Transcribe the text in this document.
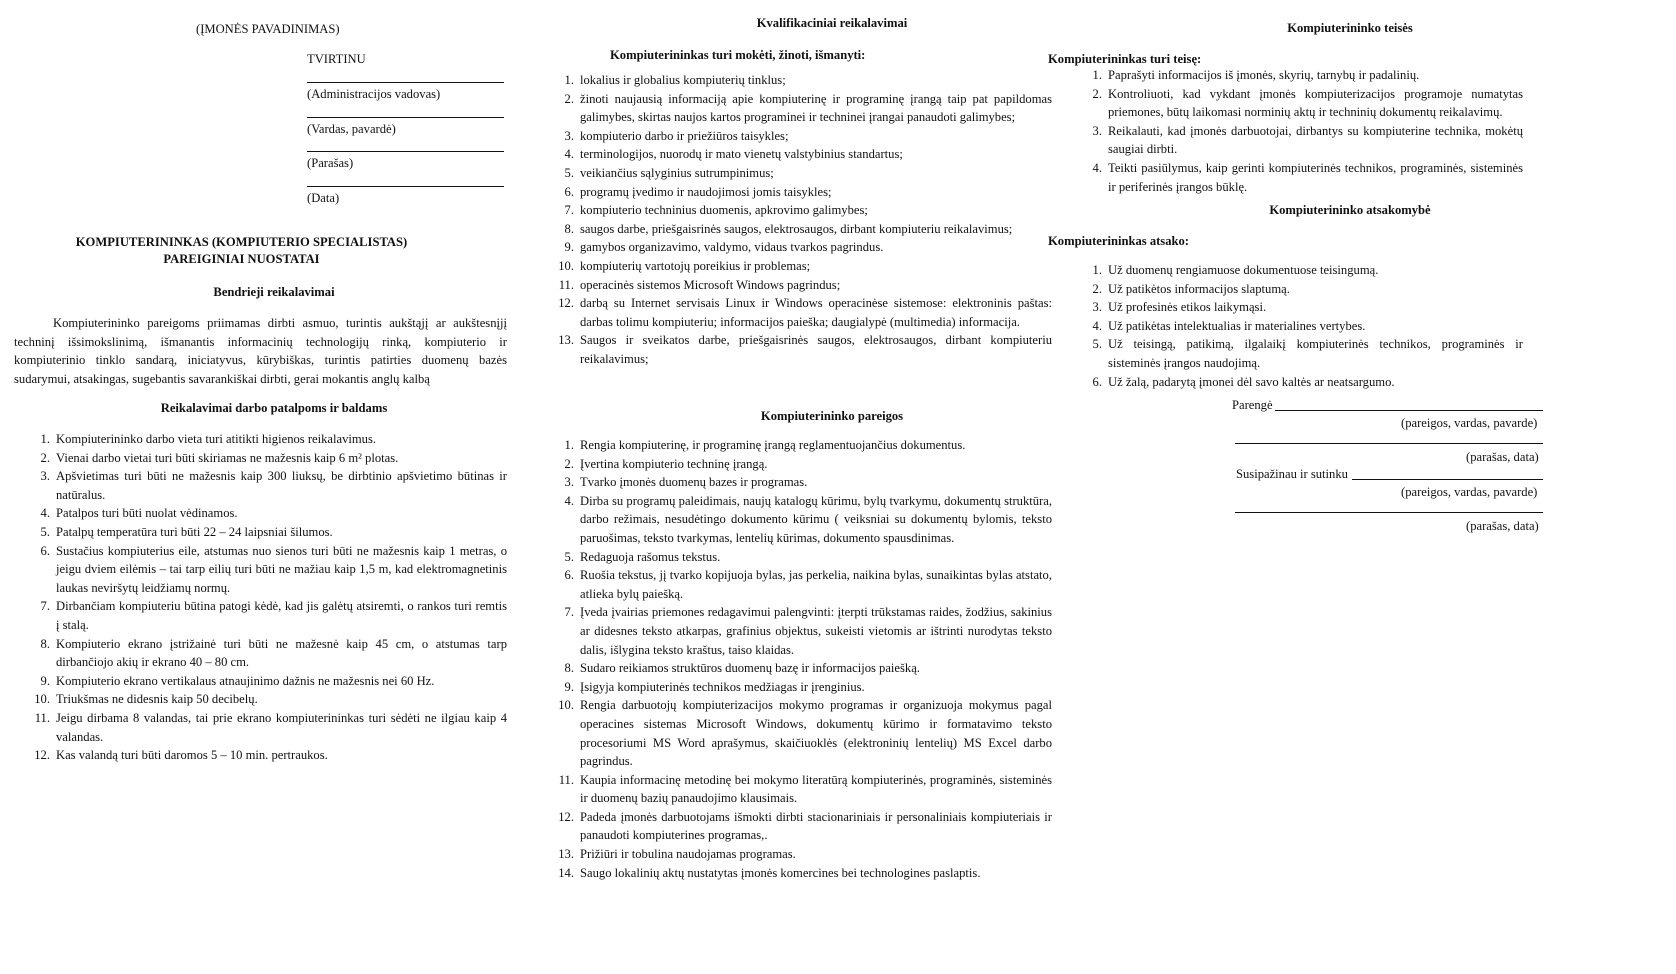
(ĮMONĖS PAVADINIMAS)
TVIRTINU
(Administracijos vadovas)
(Vardas, pavardė)
(Parašas)
(Data)
KOMPIUTERININKAS (KOMPIUTERIO SPECIALISTAS)
PAREIGINIAI NUOSTATAI
Bendrieji reikalavimai
Kompiuterininko pareigoms priimamas dirbti asmuo, turintis aukštąjį ar aukštesnįjį techninį išsimokslinimą, išmanantis informacinių technologijų rinką, kompiuterio ir kompiuterinio tinklo sandarą, iniciatyvus, kūrybiškas, turintis patirties duomenų bazės sudarymui, atsakingas, sugebantis savarankiškai dirbti, gerai mokantis anglų kalbą
Reikalavimai darbo patalpoms ir baldams
1. Kompiuterininko darbo vieta turi atitikti higienos reikalavimus.
2. Vienai darbo vietai turi būti skiriamas ne mažesnis kaip 6 m² plotas.
3. Apšvietimas turi būti ne mažesnis kaip 300 liuksų, be dirbtinio apšvietimo būtinas ir natūralus.
4. Patalpos turi būti nuolat vėdinamos.
5. Patalpų temperatūra turi būti 22 – 24 laipsniai šilumos.
6. Sustačius kompiuterius eile, atstumas nuo sienos turi būti ne mažesnis kaip 1 metras, o jeigu dviem eilėmis – tai tarp eilių turi būti ne mažiau kaip 1,5 m, kad elektromagnetinis laukas neviršytų leidžiamų normų.
7. Dirbančiam kompiuteriu būtina patogi kėdė, kad jis galėtų atsiremti, o rankos turi remtis į stalą.
8. Kompiuterio ekrano įstrižainė turi būti ne mažesnė kaip 45 cm, o atstumas tarp dirbančiojo akių ir ekrano 40 – 80 cm.
9. Kompiuterio ekrano vertikalaus atnaujinimo dažnis ne mažesnis nei 60 Hz.
10. Triukšmas ne didesnis kaip 50 decibelų.
11. Jeigu dirbama 8 valandas, tai prie ekrano kompiuterininkas turi sėdėti ne ilgiau kaip 4 valandas.
12. Kas valandą turi būti daromos 5 – 10 min. pertraukos.
Kvalifikaciniai reikalavimai
Kompiuterininkas turi mokėti, žinoti, išmanyti:
1. lokalius ir globalius kompiuterių tinklus;
2. žinoti naujausią informaciją apie kompiuterinę ir programinę įrangą taip pat papildomas galimybes, skirtas naujos kartos programinei ir techninei įrangai panaudoti galimybes;
3. kompiuterio darbo ir priežiūros taisykles;
4. terminologijos, nuorodų ir mato vienetų valstybinius standartus;
5. veikiančius sąlyginius sutrumpinimus;
6. programų įvedimo ir naudojimosi jomis taisykles;
7. kompiuterio techninius duomenis, apkrovimo galimybes;
8. saugos darbe, priešgaisrinės saugos, elektrosaugos, dirbant kompiuteriu reikalavimus;
9. gamybos organizavimo, valdymo, vidaus tvarkos pagrindus.
10. kompiuterių vartotojų poreikius ir problemas;
11. operacinės sistemos Microsoft Windows pagrindus;
12. darbą su Internet servisais Linux ir Windows operacinėse sistemose: elektroninis paštas: darbas tolimu kompiuteriu; informacijos paieška; daugialypė (multimedia) informacija.
13. Saugos ir sveikatos darbe, priešgaisrinės saugos, elektrosaugos, dirbant kompiuteriu reikalavimus;
Kompiuterininko pareigos
1. Rengia kompiuterinę, ir programinę įrangą reglamentuojančius dokumentus.
2. Įvertina kompiuterio techninę įrangą.
3. Tvarko įmonės duomenų bazes ir programas.
4. Dirba su programų paleidimais, naujų katalogų kūrimu, bylų tvarkymu, dokumentų struktūra, darbo režimais, nesudėtingo dokumento kūrimu ( veiksniai su dokumentų bylomis, teksto paruošimas, teksto tvarkymas, lentelių kūrimas, dokumento spausdinimas.
5. Redaguoja rašomus tekstus.
6. Ruošia tekstus, jį tvarko kopijuoja bylas, jas perkelia, naikina bylas, sunaikintas bylas atstato, atlieka bylų paiešką.
7. Įveda įvairias priemones redagavimui palengvinti: įterpti trūkstamas raides, žodžius, sakinius ar didesnes teksto atkarpas, grafinius objektus, sukeisti vietomis ar ištrinti nurodytas teksto dalis, išlygina teksto kraštus, taiso klaidas.
8. Sudaro reikiamos struktūros duomenų bazę ir informacijos paiešką.
9. Įsigyja kompiuterinės technikos medžiagas ir įrenginius.
10. Rengia darbuotojų kompiuterizacijos mokymo programas ir organizuoja mokymus pagal operacines sistemas Microsoft Windows, dokumentų kūrimo ir formatavimo teksto procesoriumi MS Word aprašymus, skaičiuoklės (elektroninių lentelių) MS Excel darbo pagrindus.
11. Kaupia informacinę metodinę bei mokymo literatūrą kompiuterinės, programinės, sisteminės ir duomenų bazių panaudojimo klausimais.
12. Padeda įmonės darbuotojams išmokti dirbti stacionariniais ir personaliniais kompiuteriais ir panaudoti kompiuterines programas,.
13. Prižiūri ir tobulina naudojamas programas.
14. Saugo lokalinių aktų nustatytas įmonės komercines bei technologines paslaptis.
Kompiuterininko teisės
Kompiuterininkas turi teisę:
1. Paprašyti informacijos iš įmonės, skyrių, tarnybų ir padalinių.
2. Kontroliuoti, kad vykdant įmonės kompiuterizacijos programoje numatytas priemones, būtų laikomasi norminių aktų ir techninių dokumentų reikalavimų.
3. Reikalauti, kad įmonės darbuotojai, dirbantys su kompiuterine technika, mokėtų saugiai dirbti.
4. Teikti pasiūlymus, kaip gerinti kompiuterinės technikos, programinės, sisteminės ir periferinės įrangos būklę.
Kompiuterininko atsakomybė
Kompiuterininkas atsako:
1. Už duomenų rengiamuose dokumentuose teisingumą.
2. Už patikėtos informacijos slaptumą.
3. Už profesinės etikos laikymąsi.
4. Už patikėtas intelektualias ir materialines vertybes.
5. Už teisingą, patikimą, ilgalaikį kompiuterinės technikos, programinės ir sisteminės įrangos naudojimą.
6. Už žalą, padarytą įmonei dėl savo kaltės ar neatsargumo.
Parengė
(pareigos, vardas, pavarde)
(parašas, data)
Susipažinau ir sutinku
(pareigos, vardas, pavarde)
(parašas, data)
